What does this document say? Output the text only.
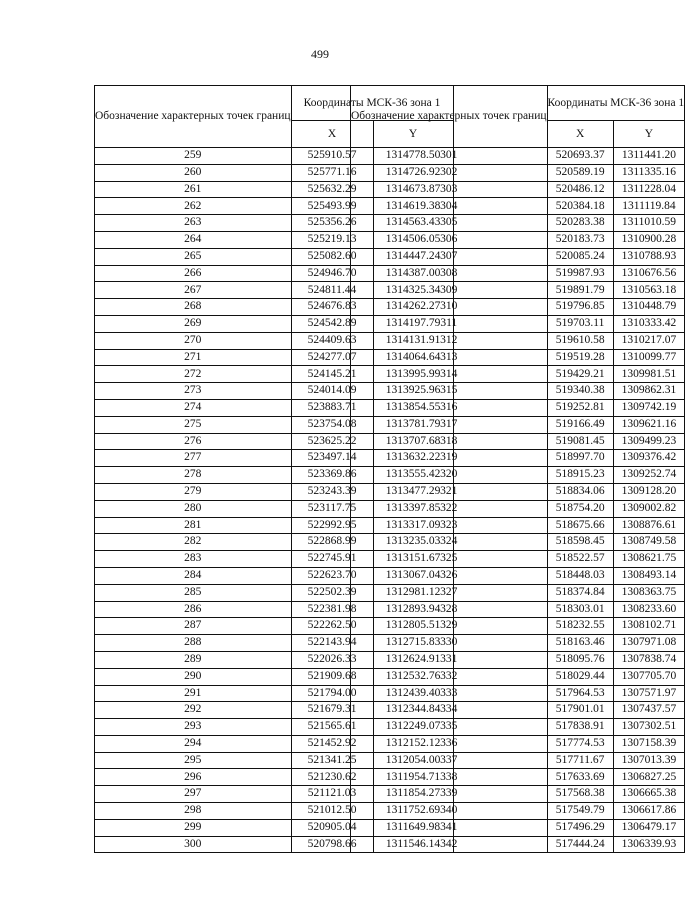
499
Обозначение характерных точек границ	Координаты МСК-36 зона 1	
	X	Y
259	525910.57	1314778.50
260	525771.16	1314726.92
261	525632.29	1314673.87
262	525493.99	1314619.38
263	525356.26	1314563.43
264	525219.13	1314506.05
265	525082.60	1314447.24
266	524946.70	1314387.00
267	524811.44	1314325.34
268	524676.83	1314262.27
269	524542.89	1314197.79
270	524409.63	1314131.91
271	524277.07	1314064.64
272	524145.21	1313995.99
273	524014.09	1313925.96
274	523883.71	1313854.55
275	523754.08	1313781.79
276	523625.22	1313707.68
277	523497.14	1313632.22
278	523369.86	1313555.42
279	523243.39	1313477.29
280	523117.75	1313397.85
281	522992.95	1313317.09
282	522868.99	1313235.03
283	522745.91	1313151.67
284	522623.70	1313067.04
285	522502.39	1312981.12
286	522381.98	1312893.94
287	522262.50	1312805.51
288	522143.94	1312715.83
289	522026.33	1312624.91
290	521909.68	1312532.76
291	521794.00	1312439.40
292	521679.31	1312344.84
293	521565.61	1312249.07
294	521452.92	1312152.12
295	521341.25	1312054.00
296	521230.62	1311954.71
297	521121.03	1311854.27
298	521012.50	1311752.69
299	520905.04	1311649.98
300	520798.66	1311546.14
Обозначение характерных точек границ	Координаты МСК-36 зона 1	
	X	Y
301	520693.37	1311441.20
302	520589.19	1311335.16
303	520486.12	1311228.04
304	520384.18	1311119.84
305	520283.38	1311010.59
306	520183.73	1310900.28
307	520085.24	1310788.93
308	519987.93	1310676.56
309	519891.79	1310563.18
310	519796.85	1310448.79
311	519703.11	1310333.42
312	519610.58	1310217.07
313	519519.28	1310099.77
314	519429.21	1309981.51
315	519340.38	1309862.31
316	519252.81	1309742.19
317	519166.49	1309621.16
318	519081.45	1309499.23
319	518997.70	1309376.42
320	518915.23	1309252.74
321	518834.06	1309128.20
322	518754.20	1309002.82
323	518675.66	1308876.61
324	518598.45	1308749.58
325	518522.57	1308621.75
326	518448.03	1308493.14
327	518374.84	1308363.75
328	518303.01	1308233.60
329	518232.55	1308102.71
330	518163.46	1307971.08
331	518095.76	1307838.74
332	518029.44	1307705.70
333	517964.53	1307571.97
334	517901.01	1307437.57
335	517838.91	1307302.51
336	517774.53	1307158.39
337	517711.67	1307013.39
338	517633.69	1306827.25
339	517568.38	1306665.38
340	517549.79	1306617.86
341	517496.29	1306479.17
342	517444.24	1306339.93
